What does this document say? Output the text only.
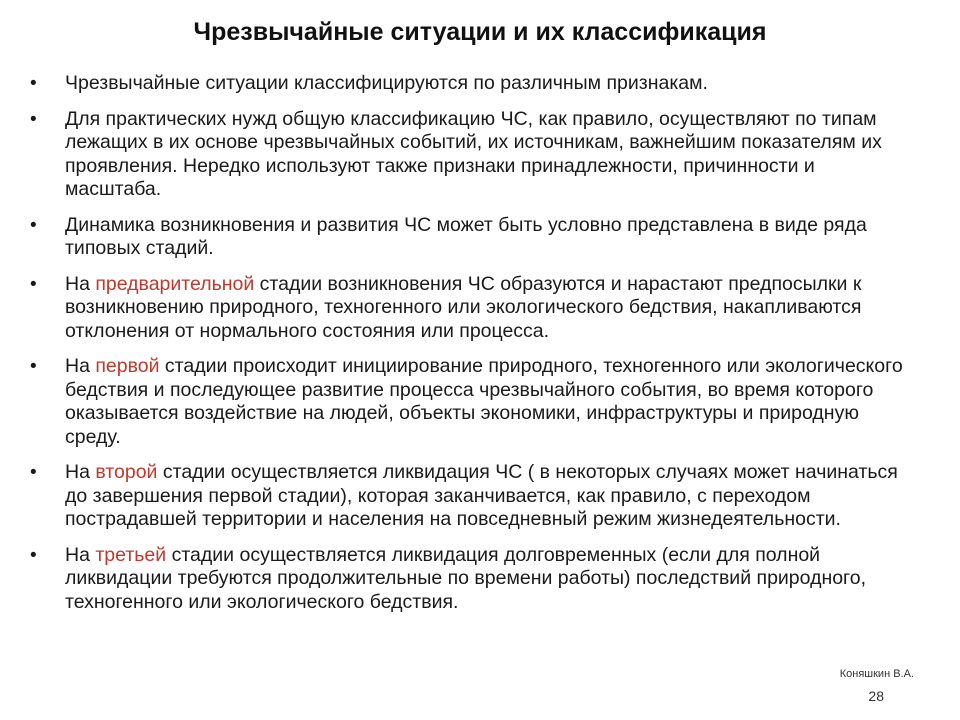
Чрезвычайные ситуации и их классификация
• Чрезвычайные ситуации классифицируются по различным признакам.
• Для практических нужд общую классификацию ЧС, как правило, осуществляют по типам лежащих в их основе чрезвычайных событий, их источникам, важнейшим показателям их проявления. Нередко используют также признаки принадлежности, причинности и масштаба.
• Динамика возникновения и развития ЧС может быть условно представлена в виде ряда типовых стадий.
• На предварительной стадии возникновения ЧС образуются и нарастают предпосылки к возникновению природного, техногенного или экологического бедствия, накапливаются отклонения от нормального состояния или процесса.
• На первой стадии происходит инициирование природного, техногенного или экологического бедствия и последующее развитие процесса чрезвычайного события, во время которого оказывается воздействие на людей, объекты экономики, инфраструктуры и природную среду.
• На второй стадии осуществляется ликвидация ЧС ( в некоторых случаях может начинаться до завершения первой стадии), которая заканчивается, как правило, с переходом пострадавшей территории и населения на повседневный режим жизнедеятельности.
• На третьей стадии осуществляется ликвидация долговременных (если для полной ликвидации требуются продолжительные по времени работы) последствий природного, техногенного или экологического бедствия.
Коняшкин В.А.
28
